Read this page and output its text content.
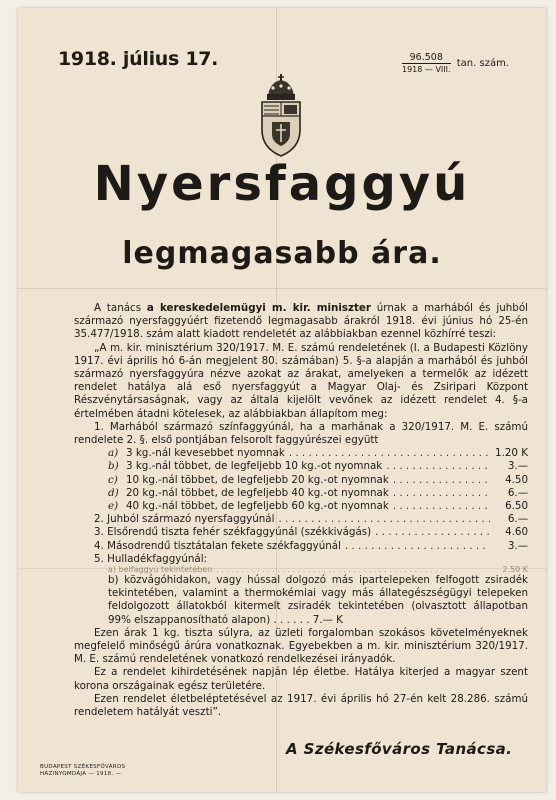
1918. július 17.	$\frac{96.508}{\text{1918 — VIII.}} \tan$. szám.
Nyersfaggyú
legmagasabb ára.

A tanács a kereskedelemügyi m. kir. miniszter úrnak a marhából és juhból származó nyersfaggyúért fizetendő legmagasabb árakról 1918. évi június hó 25-én 35.477/1918. szám alatt kiadott rendeletét az alábbiakban ezennel közhírré teszi:

„A m. kir. minisztérium 320/1917. M. E. számú rendeletének (I. a Budapesti Közlöny 1917. évi április hó 6-án megjelent 80. számában) 5. §-a alapján a marhából és juhból származó nyersfaggyúra nézve azokat az árakat, amelyeken a termelők az idézett rendelet hatálya alá eső nyersfaggyút a Magyar Olaj- és Zsiripari Központ Részvénytársaságnak, vagy az általa kijelölt vevőnek az idézett rendelet 4. §-a értelmében átadni kötelesek, az alábbiakban állapítom meg:

1. Marhából származó színfaggyúnál, ha a marhának a 320/1917. M. E. számú rendelete 2. §. első pontjában felsorolt faggyúrészei együtt

a) 3 kg.-nál kevesebbet nyomnak . . .	1.20 K
b) 3 kg.-nál többet, de legfeljebb 10 kg.-ot nyomnak . . .	3.—
c) 10 kg.-nál többet, de legfeljebb 20 kg.-ot nyomnak . . .	4.50
d) 20 kg.-nál többet, de legfeljebb 40 kg.-ot nyomnak . . .	6.—
e) 40 kg.-nál többet, de legfeljebb 60 kg.-ot nyomnak . . .	6.50
2. Juhból származó nyersfaggyúnál . . .	6.—
3. Elsőrendű tiszta fehér székfaggyúnál (székkivágás) . . .	4.60
4. Másodrendű tisztátalan fekete székfaggyúnál . . .	3.—

5. Hulladékfaggyúnál:

a) belfaggyú tekintetében . . .	2.50 K

b) közvágóhidakon, vagy hússal dolgozó más ipartelepeken felfogott zsiradék tekintetében, valamint a thermokémiai vagy más állategészségügyi telepeken feldolgozott állatokból kitermelt zsiradék tekintetében (olvasztott állapotban 99% elszappanosítható alapon) . . . . . . 7.— K

Ezen árak 1 kg. tiszta súlyra, az üzleti forgalomban szokásos követelményeknek megfelelő minőségű árúra vonatkoznak. Egyebekben a m. kir. minisztérium 320/1917. M. E. számú rendeletének vonatkozó rendelkezései irányadók.

Ez a rendelet kihirdetésének napján lép életbe. Hatálya kiterjed a magyar szent korona országainak egész területére.

Ezen rendelet életbeléptetésével az 1917. évi április hó 27-én kelt 28.286. számú rendeletem hatályát veszti”.

A Székesfőváros Tanácsa.
BUDAPEST SZÉKESFŐVÁROS
HÁZINYOMDÁJA — 1918. —
